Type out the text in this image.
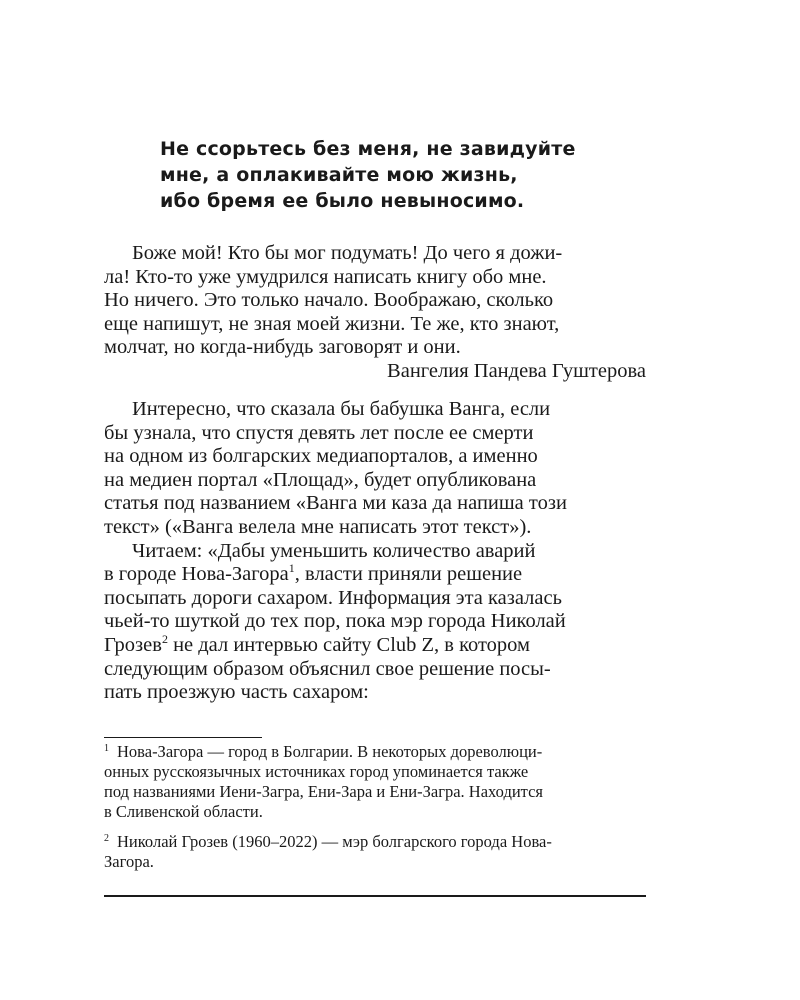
Не ссорьтесь без меня, не завидуйте
мне, а оплакивайте мою жизнь,
ибо бремя ее было невыносимо.
Боже мой! Кто бы мог подумать! До чего я дожи-
ла! Кто-то уже умудрился написать книгу обо мне.
Но ничего. Это только начало. Воображаю, сколько
еще напишут, не зная моей жизни. Те же, кто знают,
молчат, но когда-нибудь заговорят и они.
Вангелия Пандева Гуштерова
Интересно, что сказала бы бабушка Ванга, если
бы узнала, что спустя девять лет после ее смерти
на одном из болгарских медиапорталов, а именно
на медиен портал «Площад», будет опубликована
статья под названием «Ванга ми каза да напиша този
текст» («Ванга велела мне написать этот текст»).
Читаем: «Дабы уменьшить количество аварий
в городе Нова-Загора$^1$, власти приняли решение
посыпать дороги сахаром. Информация эта казалась
чьей-то шуткой до тех пор, пока мэр города Николай
Грозев$^2$ не дал интервью сайту Club Z, в котором
следующим образом объяснил свое решение посы-
пать проезжую часть сахаром:
$^1$ Нова-Загора — город в Болгарии. В некоторых дореволюци-
онных русскоязычных источниках город упоминается также
под названиями Иени-Загра, Ени-Зара и Ени-Загра. Находится
в Сливенской области.
$^2$ Николай Грозев (1960–2022) — мэр болгарского города Нова-
Загора.
